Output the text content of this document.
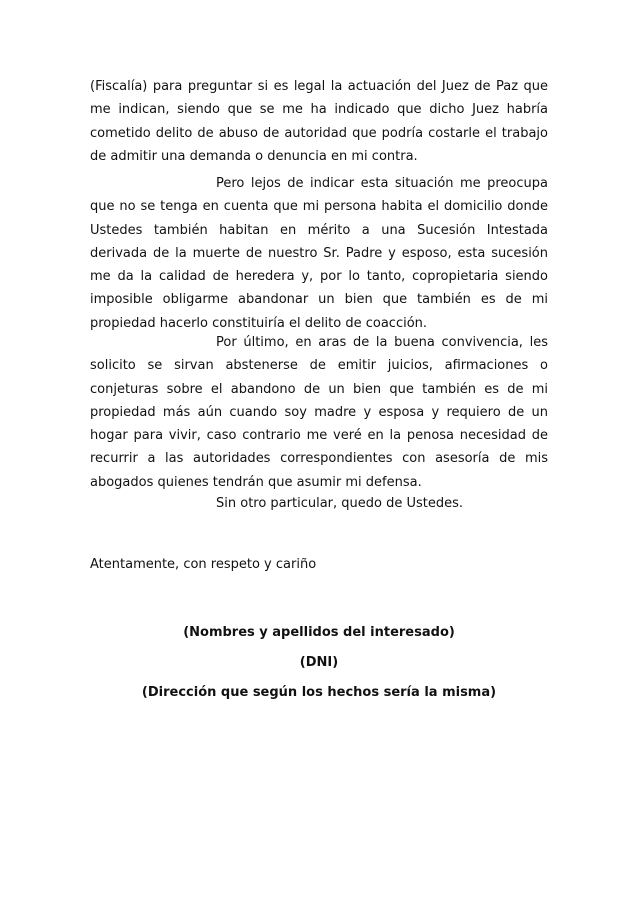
(Fiscalía) para preguntar si es legal la actuación del Juez de Paz que me indican, siendo que se me ha indicado que dicho Juez habría cometido delito de abuso de autoridad que podría costarle el trabajo de admitir una demanda o denuncia en mi contra.
Pero lejos de indicar esta situación me preocupa que no se tenga en cuenta que mi persona habita el domicilio donde Ustedes también habitan en mérito a una Sucesión Intestada derivada de la muerte de nuestro Sr. Padre y esposo, esta sucesión me da la calidad de heredera y, por lo tanto, copropietaria siendo imposible obligarme abandonar un bien que también es de mi propiedad hacerlo constituiría el delito de coacción.
Por último, en aras de la buena convivencia, les solicito se sirvan abstenerse de emitir juicios, afirmaciones o conjeturas sobre el abandono de un bien que también es de mi propiedad más aún cuando soy madre y esposa y requiero de un hogar para vivir, caso contrario me veré en la penosa necesidad de recurrir a las autoridades correspondientes con asesoría de mis abogados quienes tendrán que asumir mi defensa.
Sin otro particular, quedo de Ustedes.
Atentamente, con respeto y cariño
(Nombres y apellidos del interesado)
(DNI)
(Dirección que según los hechos sería la misma)
